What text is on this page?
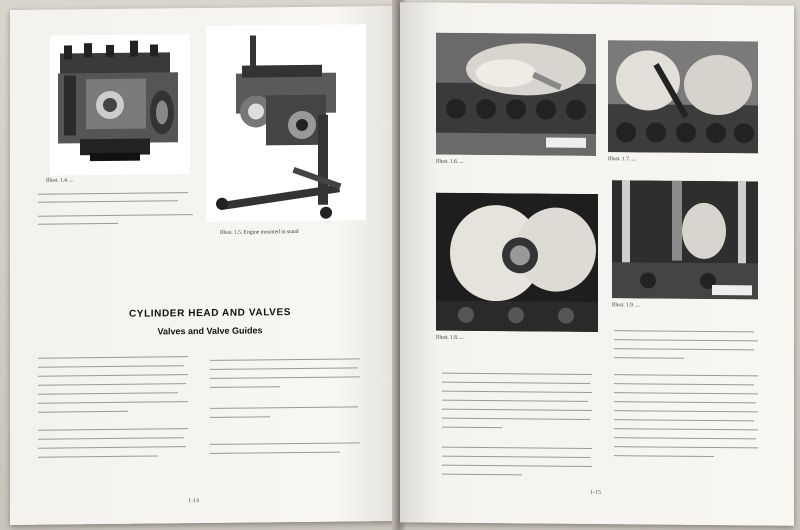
Illust. 1.4. ...
Illust. 1.5. Engine mounted in stand
CYLINDER HEAD AND VALVES
Valves and Valve Guides
1-14
Illust. 1.6. ...	Illust. 1.7. ...
Illust. 1.8. ...
Illust. 1.9. ...
1-15
